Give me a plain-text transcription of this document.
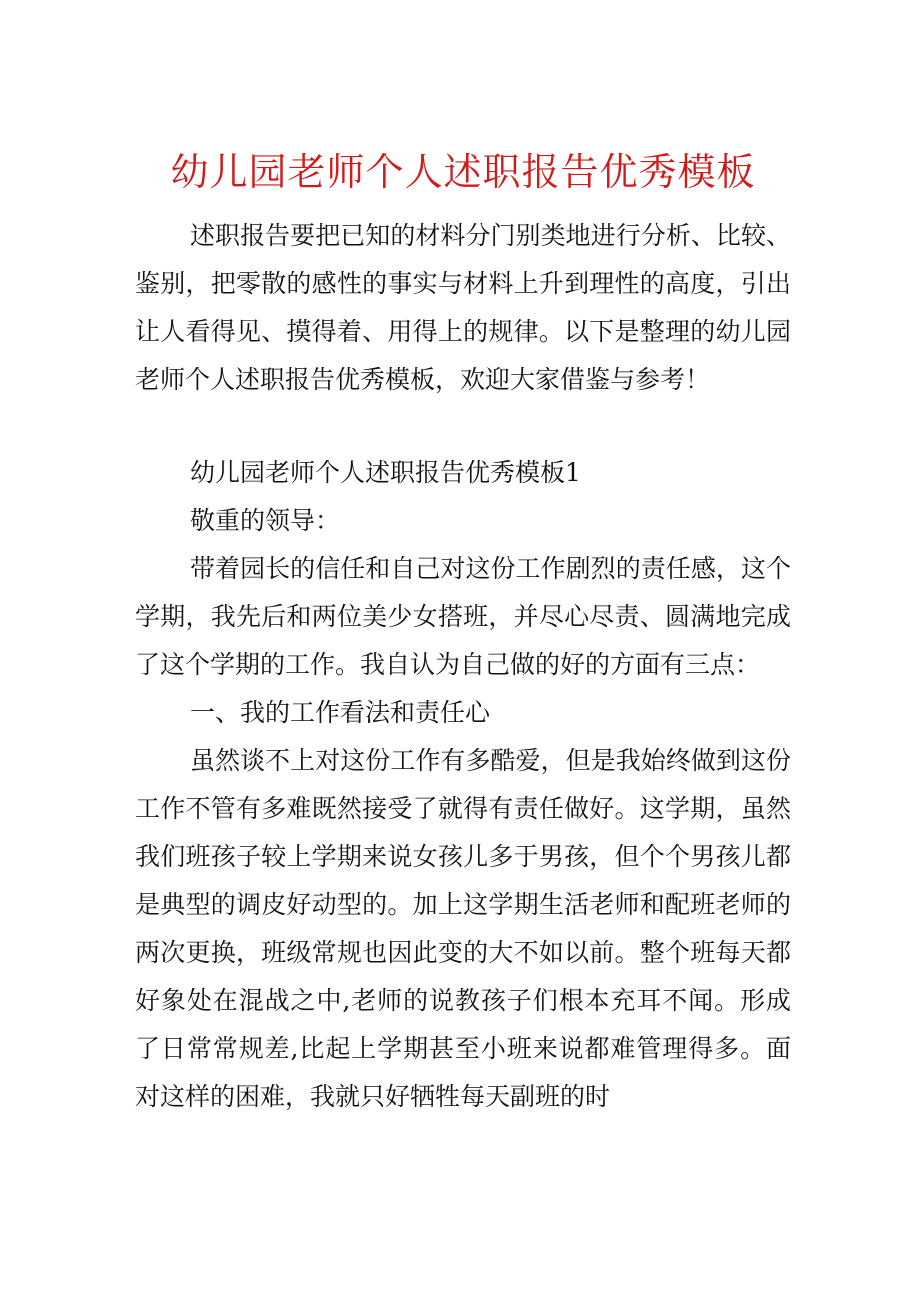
幼儿园老师个人述职报告优秀模板

述职报告要把已知的材料分门别类地进行分析、比较、鉴别，把零散的感性的事实与材料上升到理性的高度，引出让人看得见、摸得着、用得上的规律。以下是整理的幼儿园老师个人述职报告优秀模板，欢迎大家借鉴与参考！

幼儿园老师个人述职报告优秀模板1

敬重的领导：

带着园长的信任和自己对这份工作剧烈的责任感，这个学期，我先后和两位美少女搭班，并尽心尽责、圆满地完成了这个学期的工作。我自认为自己做的好的方面有三点：

一、我的工作看法和责任心

虽然谈不上对这份工作有多酷爱，但是我始终做到这份工作不管有多难既然接受了就得有责任做好。这学期，虽然我们班孩子较上学期来说女孩儿多于男孩，但个个男孩儿都是典型的调皮好动型的。加上这学期生活老师和配班老师的两次更换，班级常规也因此变的大不如以前。整个班每天都好象处在混战之中,老师的说教孩子们根本充耳不闻。形成了日常常规差,比起上学期甚至小班来说都难管理得多。面对这样的困难，我就只好牺牲每天副班的时
